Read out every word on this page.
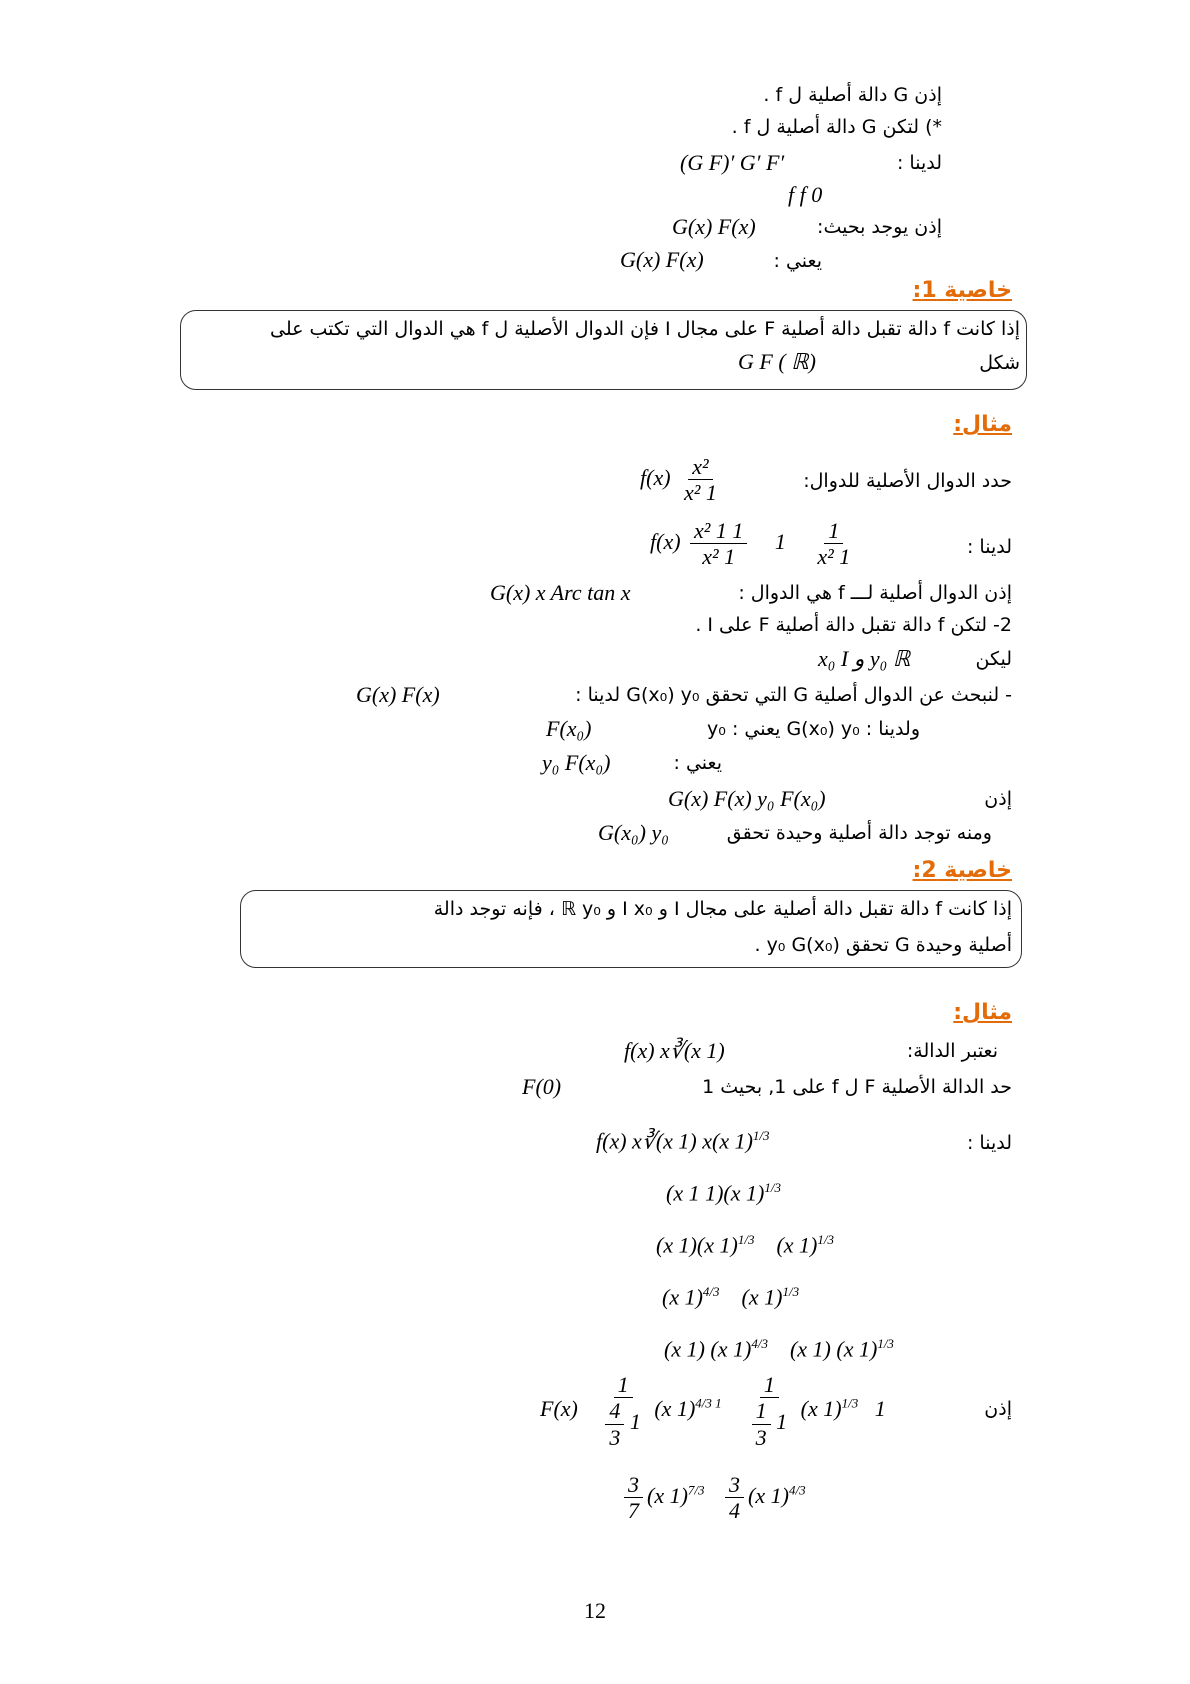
إذن G دالة أصلية ل f .
*) لتكن G دالة أصلية ل f .
لدينا :
(G F)′ G′ F′
f f 0
إذن يوجد بحيث:
G(x) F(x)
يعني :
G(x) F(x)
خاصية 1:
إذا كانت f دالة تقبل دالة أصلية F على مجال I فإن الدوال الأصلية ل f هي الدوال التي تكتب على
شكل
G F ( ℝ)
مثال:
حدد الدوال الأصلية للدوال:
$f(x) \frac{\text{x²}}{\text{x² 1}}$
لدينا :
$f(x) \frac{\text{x² 1 1}}{\text{x² 1}} 1 \frac{1}{\text{x² 1}}$
إذن الدوال أصلية لـــ f هي الدوال :
G(x) x Arc tan x
2- لتكن f دالة تقبل دالة أصلية F على I .
ليكن
x₀ I و y₀ ℝ
- لنبحث عن الدوال أصلية G التي تحقق G(x₀) y₀ لدينا :
G(x) F(x)
ولدينا : G(x₀) y₀ يعني : y₀
F(x₀)
يعني :
y₀ F(x₀)
إذن
G(x) F(x) y₀ F(x₀)
ومنه توجد دالة أصلية وحيدة تحقق
G(x₀) y₀
خاصية 2:
إذا كانت f دالة تقبل دالة أصلية على مجال I و I x₀ و ℝ y₀ ، فإنه توجد دالة
أصلية وحيدة G تحقق y₀ G(x₀) .
مثال:
نعتبر الدالة:
f(x) x∛(x 1)
حد الدالة الأصلية F ل f على 1, بحيث 1
F(0)
لدينا :
f(x) x∛(x 1) x(x 1)$^{1/3}$
(x 1 1)(x 1)$^{1/3}$
(x 1)(x 1)$^{1/3}$ (x 1)$^{1/3}$
(x 1)$^{4/3}$ (x 1)$^{1/3}$
(x 1) (x 1)$^{4/3}$ (x 1) (x 1)$^{1/3}$
إذن
$F(x) \frac{1}{\frac{4}{3} 1} (x$ $1)^{4/3 1} \frac{1}{\frac{1}{3} 1} (x$ 1)$^{1/3}$ 1
$\frac{3}{7} (x$ $1)^{7/3} \frac{3}{4} (x$ 1)$^{4/3}$
12
